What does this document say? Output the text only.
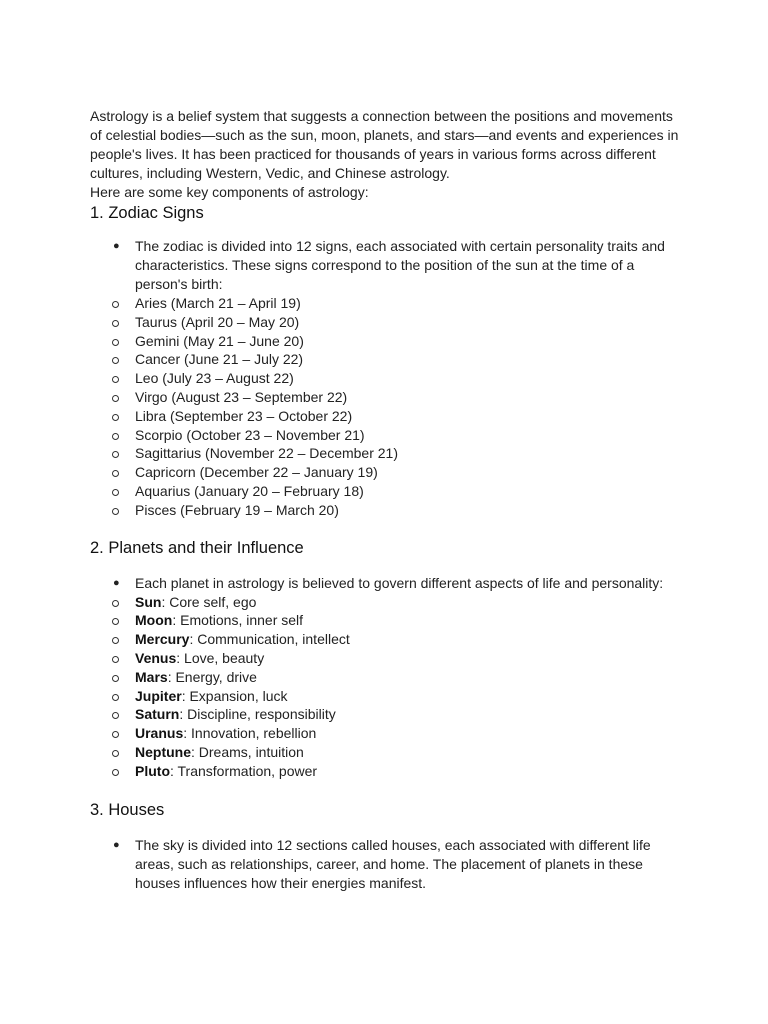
Astrology is a belief system that suggests a connection between the positions and movements of celestial bodies—such as the sun, moon, planets, and stars—and events and experiences in people's lives. It has been practiced for thousands of years in various forms across different cultures, including Western, Vedic, and Chinese astrology.

Here are some key components of astrology:

1. Zodiac Signs
● The zodiac is divided into 12 signs, each associated with certain personality traits and characteristics. These signs correspond to the position of the sun at the time of a person's birth:
Aries (March 21 – April 19)
Taurus (April 20 – May 20)
Gemini (May 21 – June 20)
Cancer (June 21 – July 22)
Leo (July 23 – August 22)
Virgo (August 23 – September 22)
Libra (September 23 – October 22)
Scorpio (October 23 – November 21)
Sagittarius (November 22 – December 21)
Capricorn (December 22 – January 19)
Aquarius (January 20 – February 18)
Pisces (February 19 – March 20)
2. Planets and their Influence
● Each planet in astrology is believed to govern different aspects of life and personality:
Sun: Core self, ego
Moon: Emotions, inner self
Mercury: Communication, intellect
Venus: Love, beauty
Mars: Energy, drive
Jupiter: Expansion, luck
Saturn: Discipline, responsibility
Uranus: Innovation, rebellion
Neptune: Dreams, intuition
Pluto: Transformation, power
3. Houses
● The sky is divided into 12 sections called houses, each associated with different life areas, such as relationships, career, and home. The placement of planets in these houses influences how their energies manifest.
